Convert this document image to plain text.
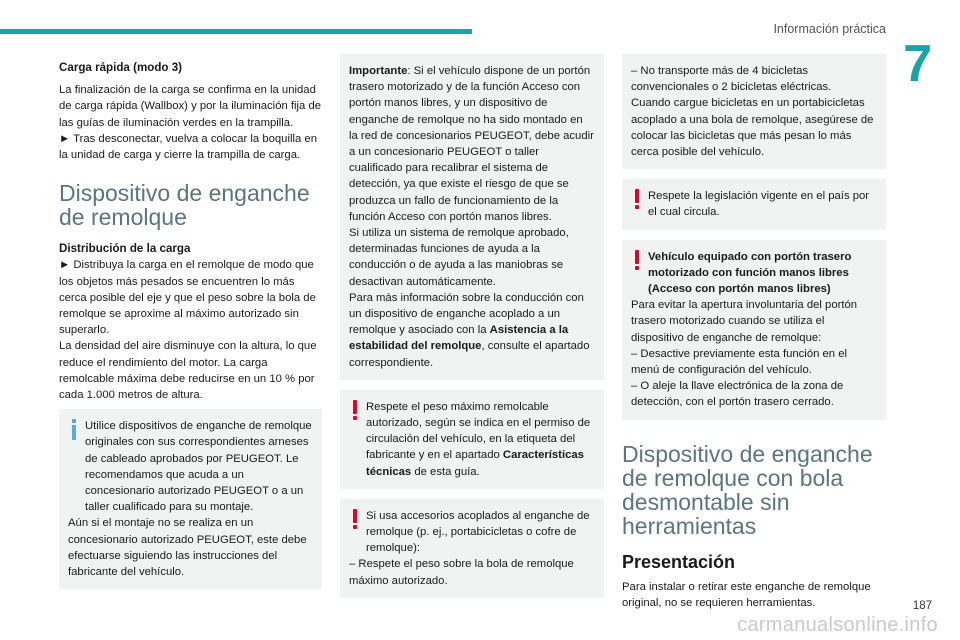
Información práctica
7
Carga rápida (modo 3)
La finalización de la carga se confirma en la unidad de carga rápida (Wallbox) y por la iluminación fija de las guías de iluminación verdes en la trampilla.
► Tras desconectar, vuelva a colocar la boquilla en la unidad de carga y cierre la trampilla de carga.
Dispositivo de enganche de remolque
Distribución de la carga
► Distribuya la carga en el remolque de modo que los objetos más pesados se encuentren lo más cerca posible del eje y que el peso sobre la bola de remolque se aproxime al máximo autorizado sin superarlo.
La densidad del aire disminuye con la altura, lo que reduce el rendimiento del motor. La carga remolcable máxima debe reducirse en un 10 % por cada 1.000 metros de altura.
Utilice dispositivos de enganche de remolque originales con sus correspondientes arneses de cableado aprobados por PEUGEOT. Le recomendamos que acuda a un concesionario autorizado PEUGEOT o a un taller cualificado para su montaje.
Aún si el montaje no se realiza en un concesionario autorizado PEUGEOT, este debe efectuarse siguiendo las instrucciones del fabricante del vehículo.
Importante: Si el vehículo dispone de un portón trasero motorizado y de la función Acceso con portón manos libres, y un dispositivo de enganche de remolque no ha sido montado en la red de concesionarios PEUGEOT, debe acudir a un concesionario PEUGEOT o taller cualificado para recalibrar el sistema de detección, ya que existe el riesgo de que se produzca un fallo de funcionamiento de la función Acceso con portón manos libres.
Si utiliza un sistema de remolque aprobado, determinadas funciones de ayuda a la conducción o de ayuda a las maniobras se desactivan automáticamente.
Para más información sobre la conducción con un dispositivo de enganche acoplado a un remolque y asociado con la Asistencia a la estabilidad del remolque, consulte el apartado correspondiente.
Respete el peso máximo remolcable autorizado, según se indica en el permiso de circulación del vehículo, en la etiqueta del fabricante y en el apartado Características técnicas de esta guía.
Si usa accesorios acoplados al enganche de remolque (p. ej., portabicicletas o cofre de remolque):
– Respete el peso sobre la bola de remolque máximo autorizado.
– No transporte más de 4 bicicletas convencionales o 2 bicicletas eléctricas.
Cuando cargue bicicletas en un portabicicletas acoplado a una bola de remolque, asegúrese de colocar las bicicletas que más pesan lo más cerca posible del vehículo.
Respete la legislación vigente en el país por el cual circula.
Vehículo equipado con portón trasero motorizado con función manos libres (Acceso con portón manos libres)
Para evitar la apertura involuntaria del portón trasero motorizado cuando se utiliza el dispositivo de enganche de remolque:
– Desactive previamente esta función en el menú de configuración del vehículo.
– O aleje la llave electrónica de la zona de detección, con el portón trasero cerrado.
Dispositivo de enganche de remolque con bola desmontable sin herramientas
Presentación
Para instalar o retirar este enganche de remolque original, no se requieren herramientas.	187
carmanualsonline.info
